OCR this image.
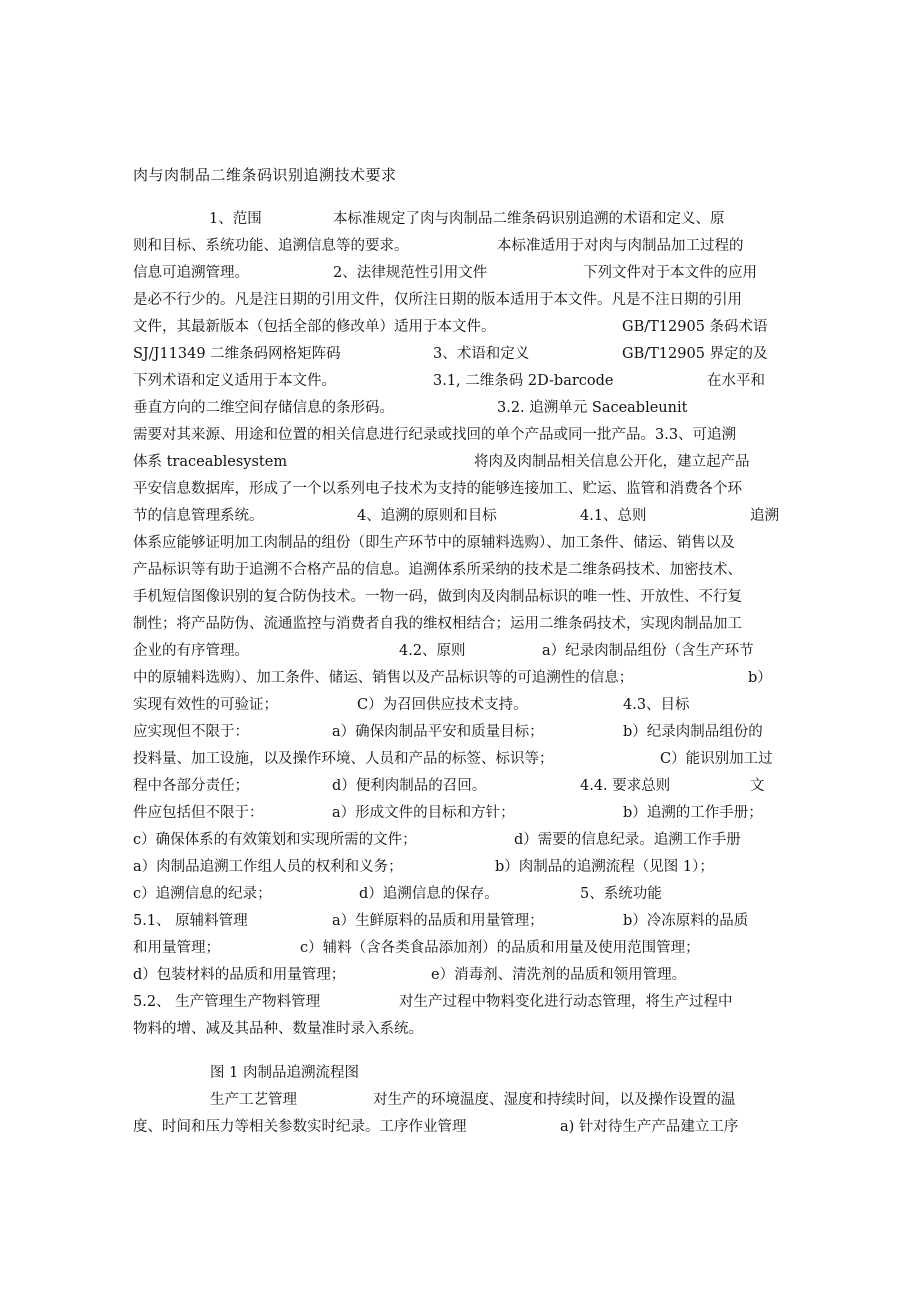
肉与肉制品二维条码识别追溯技术要求
1、范围	本标准规定了肉与肉制品二维条码识别追溯的术语和定义、原
则和目标、系统功能、追溯信息等的要求。	本标准适用于对肉与肉制品加工过程的
信息可追溯管理。	2、法律规范性引用文件	下列文件对于本文件的应用
是必不行少的。凡是注日期的引用文件，仅所注日期的版本适用于本文件。凡是不注日期的引用
文件，其最新版本（包括全部的修改单）适用于本文件。	GB/T12905 条码术语
SJ/J11349 二维条码网格矩阵码	3、术语和定义	GB/T12905 界定的及
下列术语和定义适用于本文件。	3.1, 二维条码 2D-barcode	在水平和
垂直方向的二维空间存储信息的条形码。	3.2. 追溯单元 Saceableunit
需要对其来源、用途和位置的相关信息进行纪录或找回的单个产品或同一批产品。3.3、可追溯
体系 traceablesystem	将肉及肉制品相关信息公开化，建立起产品
平安信息数据库，形成了一个以系列电子技术为支持的能够连接加工、贮运、监管和消费各个环
节的信息管理系统。	4、追溯的原则和目标	4.1、总则	追溯
体系应能够证明加工肉制品的组份（即生产环节中的原辅料选购）、加工条件、储运、销售以及
产品标识等有助于追溯不合格产品的信息。追溯体系所采纳的技术是二维条码技术、加密技术、
手机短信图像识别的复合防伪技术。一物一码，做到肉及肉制品标识的唯一性、开放性、不行复
制性；将产品防伪、流通监控与消费者自我的维权相结合；运用二维条码技术，实现肉制品加工
企业的有序管理。	4.2、原则	a）纪录肉制品组份（含生产环节
中的原辅料选购）、加工条件、储运、销售以及产品标识等的可追溯性的信息；	b）
实现有效性的可验证；	C）为召回供应技术支持。	4.3、目标
应实现但不限于：	a）确保肉制品平安和质量目标；	b）纪录肉制品组份的
投料量、加工设施，以及操作环境、人员和产品的标签、标识等；	C）能识别加工过
程中各部分责任；	d）便利肉制品的召回。	4.4. 要求总则	文
件应包括但不限于：	a）形成文件的目标和方针；	b）追溯的工作手册；
c）确保体系的有效策划和实现所需的文件；	d）需要的信息纪录。追溯工作手册
a）肉制品追溯工作组人员的权利和义务；	b）肉制品的追溯流程（见图 1）；
c）追溯信息的纪录；	d）追溯信息的保存。	5、系统功能
5.1、 原辅料管理	a）生鲜原料的品质和用量管理；	b）冷冻原料的品质
和用量管理；	c）辅料（含各类食品添加剂）的品质和用量及使用范围管理；
d）包装材料的品质和用量管理；	e）消毒剂、清洗剂的品质和领用管理。
5.2、 生产管理生产物料管理	对生产过程中物料变化进行动态管理，将生产过程中
物料的增、减及其品种、数量准时录入系统。
图 1 肉制品追溯流程图
生产工艺管理	对生产的环境温度、湿度和持续时间，以及操作设置的温
度、时间和压力等相关参数实时纪录。工序作业管理	a) 针对待生产产品建立工序
